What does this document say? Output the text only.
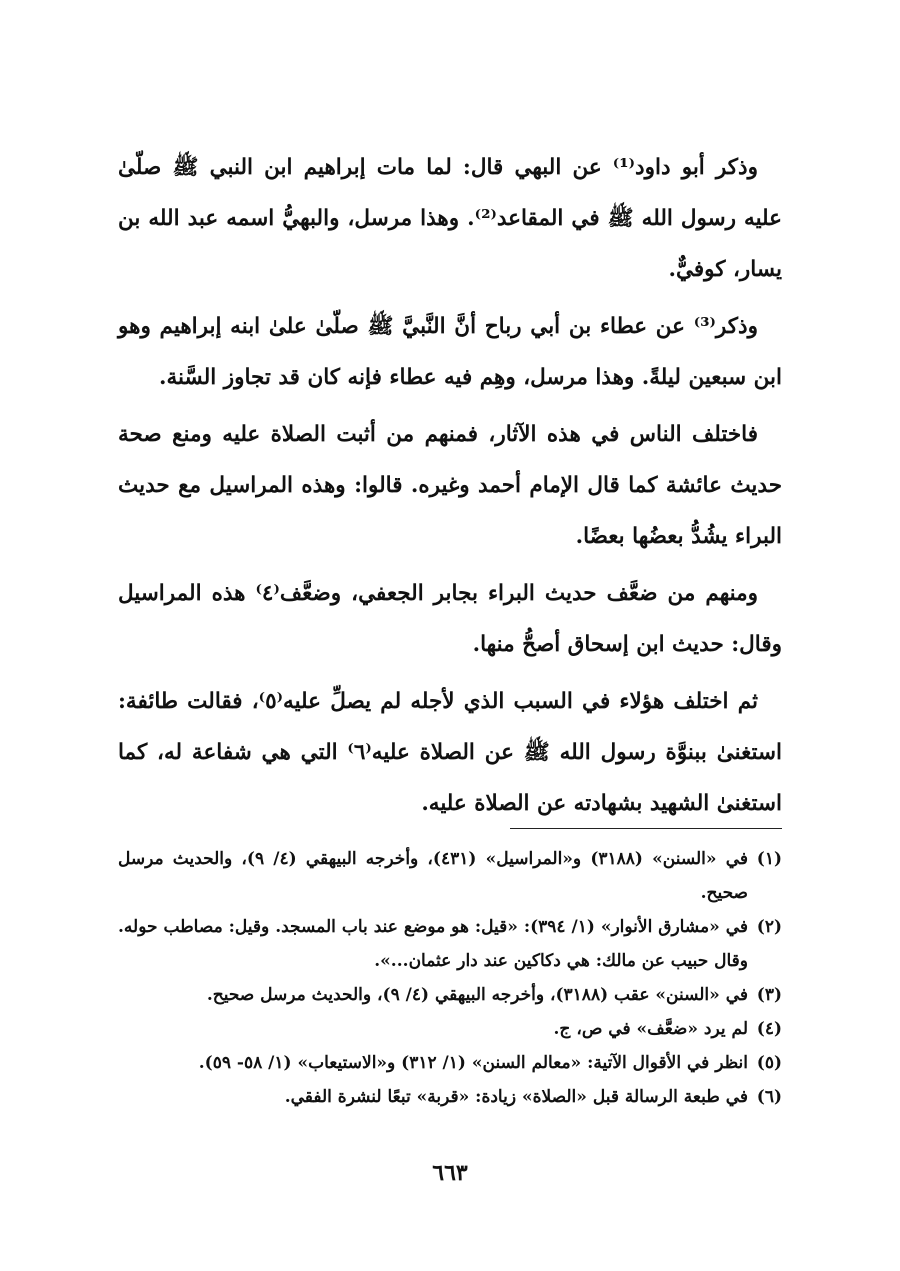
وذكر أبو داود⁽¹⁾ عن البهي قال: لما مات إبراهيم ابن النبي ﷺ صلّىٰ عليه رسول الله ﷺ في المقاعد⁽²⁾. وهذا مرسل، والبهيُّ اسمه عبد الله بن يسار، كوفيٌّ.

وذكر⁽³⁾ عن عطاء بن أبي رباح أنَّ النَّبيَّ ﷺ صلّىٰ علىٰ ابنه إبراهيم وهو ابن سبعين ليلةً. وهذا مرسل، وهِم فيه عطاء فإنه كان قد تجاوز السَّنة.

فاختلف الناس في هذه الآثار، فمنهم من أثبت الصلاة عليه ومنع صحة حديث عائشة كما قال الإمام أحمد وغيره. قالوا: وهذه المراسيل مع حديث البراء يشُدُّ بعضُها بعضًا.

ومنهم من ضعَّف حديث البراء بجابر الجعفي، وضعَّف⁽٤⁾ هذه المراسيل وقال: حديث ابن إسحاق أصحُّ منها.

ثم اختلف هؤلاء في السبب الذي لأجله لم يصلِّ عليه⁽٥⁾، فقالت طائفة: استغنىٰ ببنوَّة رسول الله ﷺ عن الصلاة عليه⁽٦⁾ التي هي شفاعة له، كما استغنىٰ الشهيد بشهادته عن الصلاة عليه.

(١)
في «السنن» (٣١٨٨) و«المراسيل» (٤٣١)، وأخرجه البيهقي (٤/ ٩)، والحديث مرسل صحيح.
(٢)
في «مشارق الأنوار» (١/ ٣٩٤): «قيل: هو موضع عند باب المسجد. وقيل: مصاطب حوله. وقال حبيب عن مالك: هي دكاكين عند دار عثمان...».
(٣)
في «السنن» عقب (٣١٨٨)، وأخرجه البيهقي (٤/ ٩)، والحديث مرسل صحيح.
(٤)
لم يرد «ضعَّف» في ص، ج.
(٥)
انظر في الأقوال الآتية: «معالم السنن» (١/ ٣١٢) و«الاستيعاب» (١/ ٥٨- ٥٩).
(٦)
في طبعة الرسالة قبل «الصلاة» زيادة: «قربة» تبعًا لنشرة الفقي.
٦٦٣
